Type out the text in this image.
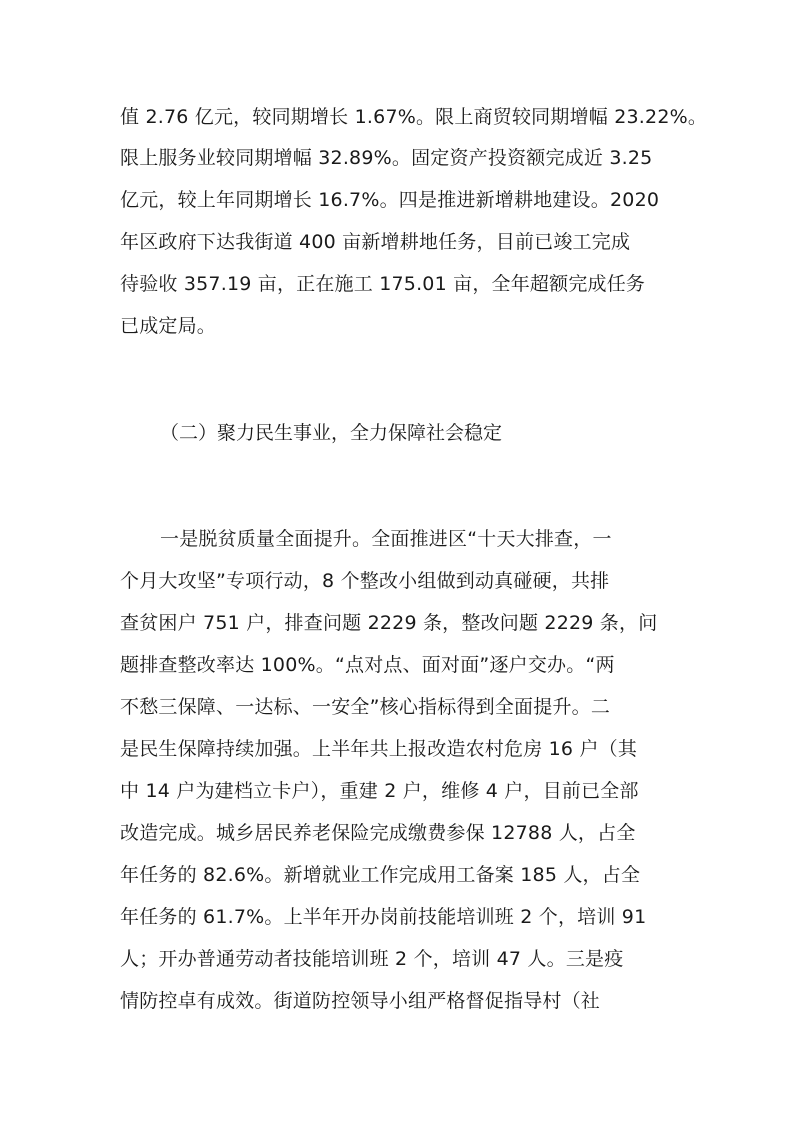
值 2.76 亿元，较同期增长 1.67%。限上商贸较同期增幅 23.22%。
限上服务业较同期增幅 32.89%。固定资产投资额完成近 3.25
亿元，较上年同期增长 16.7%。四是推进新增耕地建设。2020
年区政府下达我街道 400 亩新增耕地任务，目前已竣工完成
待验收 357.19 亩，正在施工 175.01 亩，全年超额完成任务
已成定局。
（二）聚力民生事业，全力保障社会稳定
一是脱贫质量全面提升。全面推进区“十天大排查，一
个月大攻坚”专项行动，8 个整改小组做到动真碰硬，共排
查贫困户 751 户，排查问题 2229 条，整改问题 2229 条，问
题排查整改率达 100%。“点对点、面对面”逐户交办。“两
不愁三保障、一达标、一安全”核心指标得到全面提升。二
是民生保障持续加强。上半年共上报改造农村危房 16 户（其
中 14 户为建档立卡户），重建 2 户，维修 4 户，目前已全部
改造完成。城乡居民养老保险完成缴费参保 12788 人，占全
年任务的 82.6%。新增就业工作完成用工备案 185 人，占全
年任务的 61.7%。上半年开办岗前技能培训班 2 个，培训 91
人；开办普通劳动者技能培训班 2 个，培训 47 人。三是疫
情防控卓有成效。街道防控领导小组严格督促指导村（社
